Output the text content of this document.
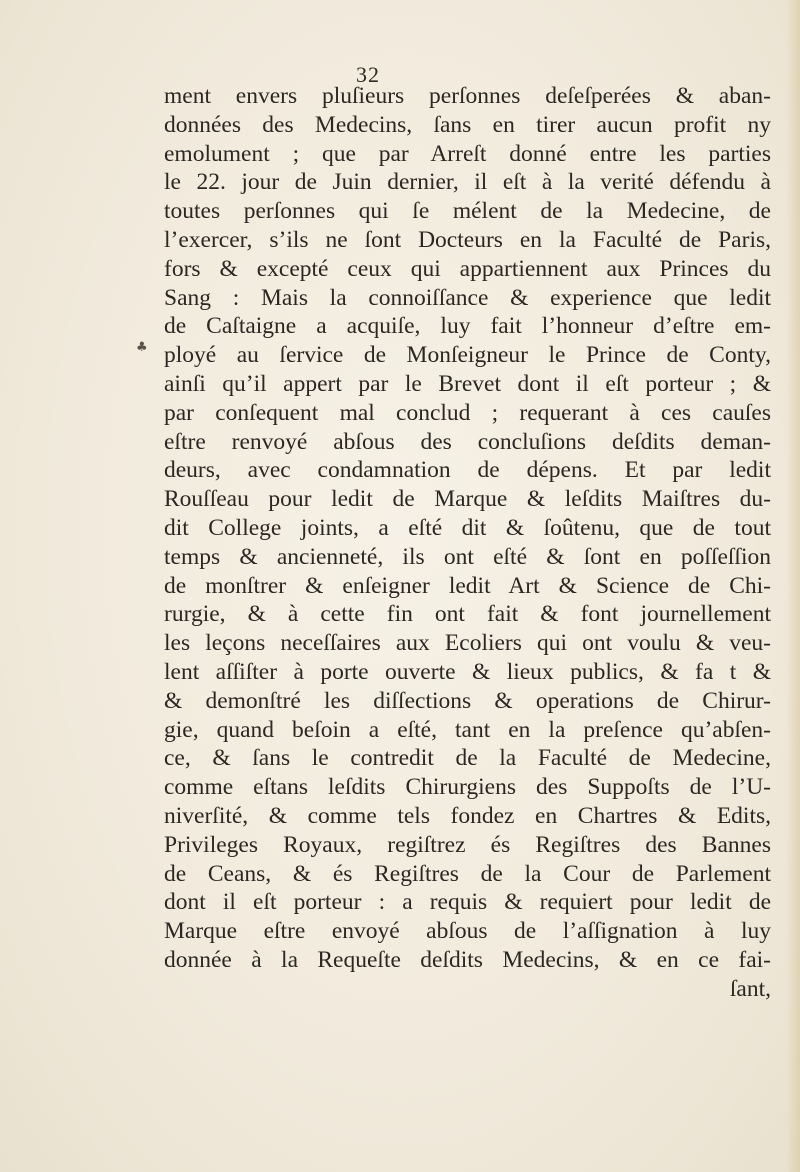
32
♣
ment envers pluſieurs perſonnes deſeſperées & aban-
données des Medecins, ſans en tirer aucun profit ny
emolument ; que par Arreſt donné entre les parties
le 22. jour de Juin dernier, il eſt à la verité défendu à
toutes perſonnes qui ſe mélent de la Medecine, de
l’exercer, s’ils ne ſont Docteurs en la Faculté de Paris,
fors & excepté ceux qui appartiennent aux Princes du
Sang : Mais la connoiſſance & experience que ledit
de Caſtaigne a acquiſe, luy fait l’honneur d’eſtre em-
ployé au ſervice de Monſeigneur le Prince de Conty,
ainſi qu’il appert par le Brevet dont il eſt porteur ; &
par conſequent mal conclud ; requerant à ces cauſes
eſtre renvoyé abſous des concluſions deſdits deman-
deurs, avec condamnation de dépens. Et par ledit
Rouſſeau pour ledit de Marque & leſdits Maiſtres du-
dit College joints, a eſté dit & ſoûtenu, que de tout
temps & ancienneté, ils ont eſté & ſont en poſſeſſion
de monſtrer & enſeigner ledit Art & Science de Chi-
rurgie, & à cette fin ont fait & font journellement
les leçons neceſſaires aux Ecoliers qui ont voulu & veu-
lent aſſiſter à porte ouverte & lieux publics, & fa t &
& demonſtré les diſſections & operations de Chirur-
gie, quand beſoin a eſté, tant en la preſence qu’abſen-
ce, & ſans le contredit de la Faculté de Medecine,
comme eſtans leſdits Chirurgiens des Suppoſts de l’U-
niverſité, & comme tels fondez en Chartres & Edits,
Privileges Royaux, regiſtrez és Regiſtres des Bannes
de Ceans, & és Regiſtres de la Cour de Parlement
dont il eſt porteur : a requis & requiert pour ledit de
Marque eſtre envoyé abſous de l’aſſignation à luy
donnée à la Requeſte deſdits Medecins, & en ce fai-
ſant,
